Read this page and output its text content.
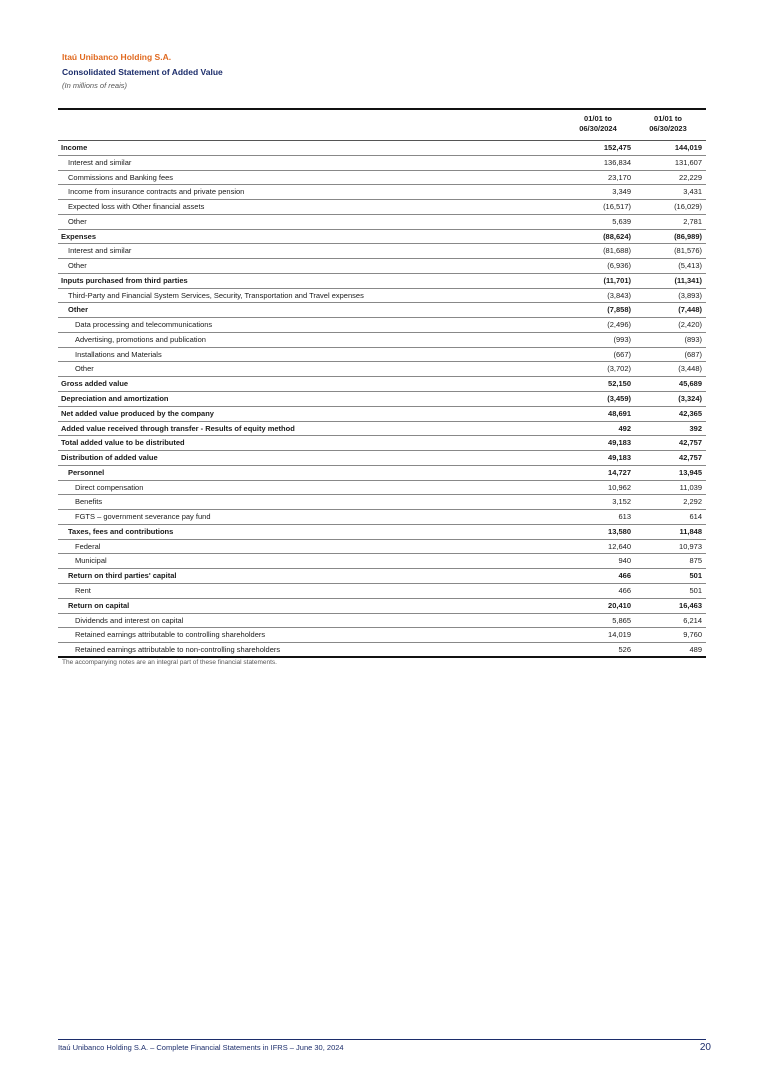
Itaú Unibanco Holding S.A.
Consolidated Statement of Added Value
(In millions of reais)
01/01 to
06/30/2024
01/01 to
06/30/2023
Income	152,475	144,019
Interest and similar	136,834	131,607
Commissions and Banking fees	23,170	22,229
Income from insurance contracts and private pension	3,349	3,431
Expected loss with Other financial assets	(16,517)	(16,029)
Other	5,639	2,781
Expenses	(88,624)	(86,989)
Interest and similar	(81,688)	(81,576)
Other	(6,936)	(5,413)
Inputs purchased from third parties	(11,701)	(11,341)
Third-Party and Financial System Services, Security, Transportation and Travel expenses	(3,843)	(3,893)
Other	(7,858)	(7,448)
Data processing and telecommunications	(2,496)	(2,420)
Advertising, promotions and publication	(993)	(893)
Installations and Materials	(667)	(687)
Other	(3,702)	(3,448)
Gross added value	52,150	45,689
Depreciation and amortization	(3,459)	(3,324)
Net added value produced by the company	48,691	42,365
Added value received through transfer - Results of equity method	492	392
Total added value to be distributed	49,183	42,757
Distribution of added value	49,183	42,757
Personnel	14,727	13,945
Direct compensation	10,962	11,039
Benefits	3,152	2,292
FGTS – government severance pay fund	613	614
Taxes, fees and contributions	13,580	11,848
Federal	12,640	10,973
Municipal	940	875
Return on third parties' capital	466	501
Rent	466	501
Return on capital	20,410	16,463
Dividends and interest on capital	5,865	6,214
Retained earnings attributable to controlling shareholders	14,019	9,760
Retained earnings attributable to non-controlling shareholders	526	489
The accompanying notes are an integral part of these financial statements.
Itaú Unibanco Holding S.A. – Complete Financial Statements in IFRS – June 30, 2024	20
